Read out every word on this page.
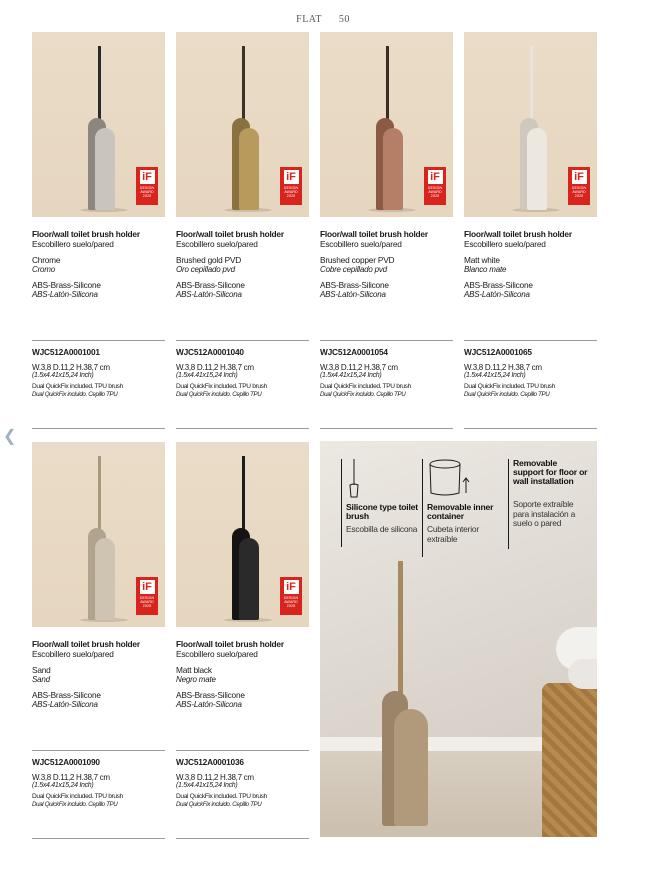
FLAT 50
❮
iF
DESIGN AWARD 2025
Floor/wall toilet brush holder
Escobillero suelo/pared
Chrome
Cromo
ABS-Brass-Silicone
ABS-Latón-Silicona
WJC512A0001001
W.3,8 D.11,2 H.38,7 cm
(1.5x4.41x15,24 Inch)
Dual QuickFix included. TPU brush
Dual QuickFix incluido. Cepillo TPU
iF
DESIGN AWARD 2025
Floor/wall toilet brush holder
Escobillero suelo/pared
Brushed gold PVD
Oro cepillado pvd
ABS-Brass-Silicone
ABS-Latón-Silicona
WJC512A0001040
W.3,8 D.11,2 H.38,7 cm
(1.5x4.41x15,24 Inch)
Dual QuickFix included. TPU brush
Dual QuickFix incluido. Cepillo TPU
iF
DESIGN AWARD 2025
Floor/wall toilet brush holder
Escobillero suelo/pared
Brushed copper PVD
Cobre cepillado pvd
ABS-Brass-Silicone
ABS-Latón-Silicona
WJC512A0001054
W.3,8 D.11,2 H.38,7 cm
(1.5x4.41x15,24 Inch)
Dual QuickFix included. TPU brush
Dual QuickFix incluido. Cepillo TPU
iF
DESIGN AWARD 2025
Floor/wall toilet brush holder
Escobillero suelo/pared
Matt white
Blanco mate
ABS-Brass-Silicone
ABS-Latón-Silicona
WJC512A0001065
W.3,8 D.11,2 H.38,7 cm
(1.5x4.41x15,24 Inch)
Dual QuickFix included. TPU brush
Dual QuickFix incluido. Cepillo TPU
iF
DESIGN AWARD 2025
Floor/wall toilet brush holder
Escobillero suelo/pared
Sand
Sand
ABS-Brass-Silicone
ABS-Latón-Silicona
WJC512A0001090
W.3,8 D.11,2 H.38,7 cm
(1.5x4.41x15,24 Inch)
Dual QuickFix included. TPU brush
Dual QuickFix incluido. Cepillo TPU
iF
DESIGN AWARD 2025
Floor/wall toilet brush holder
Escobillero suelo/pared
Matt black
Negro mate
ABS-Brass-Silicone
ABS-Latón-Silicona
WJC512A0001036
W.3,8 D.11,2 H.38,7 cm
(1.5x4.41x15,24 Inch)
Dual QuickFix included. TPU brush
Dual QuickFix incluido. Cepillo TPU
Silicone type toilet brush
Escobilla de silicona
Removable inner container
Cubeta interior extraíble
Removable support for floor or wall installation
Soporte extraíble para instalación a suelo o pared
